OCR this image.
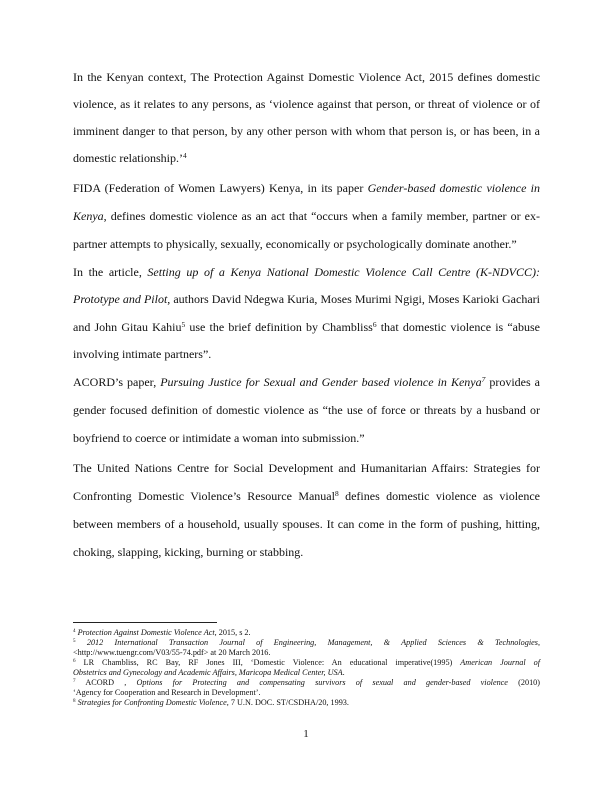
In the Kenyan context, The Protection Against Domestic Violence Act, 2015 defines domestic
violence, as it relates to any persons, as ‘violence against that person, or threat of violence or of
imminent danger to that person, by any other person with whom that person is, or has been, in a
domestic relationship.’$^4$
FIDA (Federation of Women Lawyers) Kenya, in its paper Gender-based domestic violence in
Kenya, defines domestic violence as an act that “occurs when a family member, partner or ex-
partner attempts to physically, sexually, economically or psychologically dominate another.”
In the article, Setting up of a Kenya National Domestic Violence Call Centre (K-NDVCC):
Prototype and Pilot, authors David Ndegwa Kuria, Moses Murimi Ngigi, Moses Karioki Gachari
and John Gitau Kahiu$^5$ use the brief definition by Chambliss$^6$ that domestic violence is “abuse
involving intimate partners”.
ACORD’s paper, Pursuing Justice for Sexual and Gender based violence in Kenya$^7$ provides a
gender focused definition of domestic violence as “the use of force or threats by a husband or
boyfriend to coerce or intimidate a woman into submission.”
The United Nations Centre for Social Development and Humanitarian Affairs: Strategies for
Confronting Domestic Violence’s Resource Manual$^8$ defines domestic violence as violence
between members of a household, usually spouses. It can come in the form of pushing, hitting,
choking, slapping, kicking, burning or stabbing.
$^4$ Protection Against Domestic Violence Act, 2015, s 2.
$^5$ 2012 International Transaction Journal of Engineering, Management, & Applied Sciences & Technologies,
<http://www.tuengr.com/V03/55-74.pdf> at 20 March 2016.
$^6$ LR Chambliss, RC Bay, RF Jones III, ‘Domestic Violence: An educational imperative(1995) American Journal of
Obstetrics and Gynecology and Academic Affairs, Maricopa Medical Center, USA.
$^7$ ACORD , Options for Protecting and compensating survivors of sexual and gender-based violence (2010)
‘Agency for Cooperation and Research in Development’.
$^8$ Strategies for Confronting Domestic Violence, 7 U.N. DOC. ST/CSDHA/20, 1993.
1
